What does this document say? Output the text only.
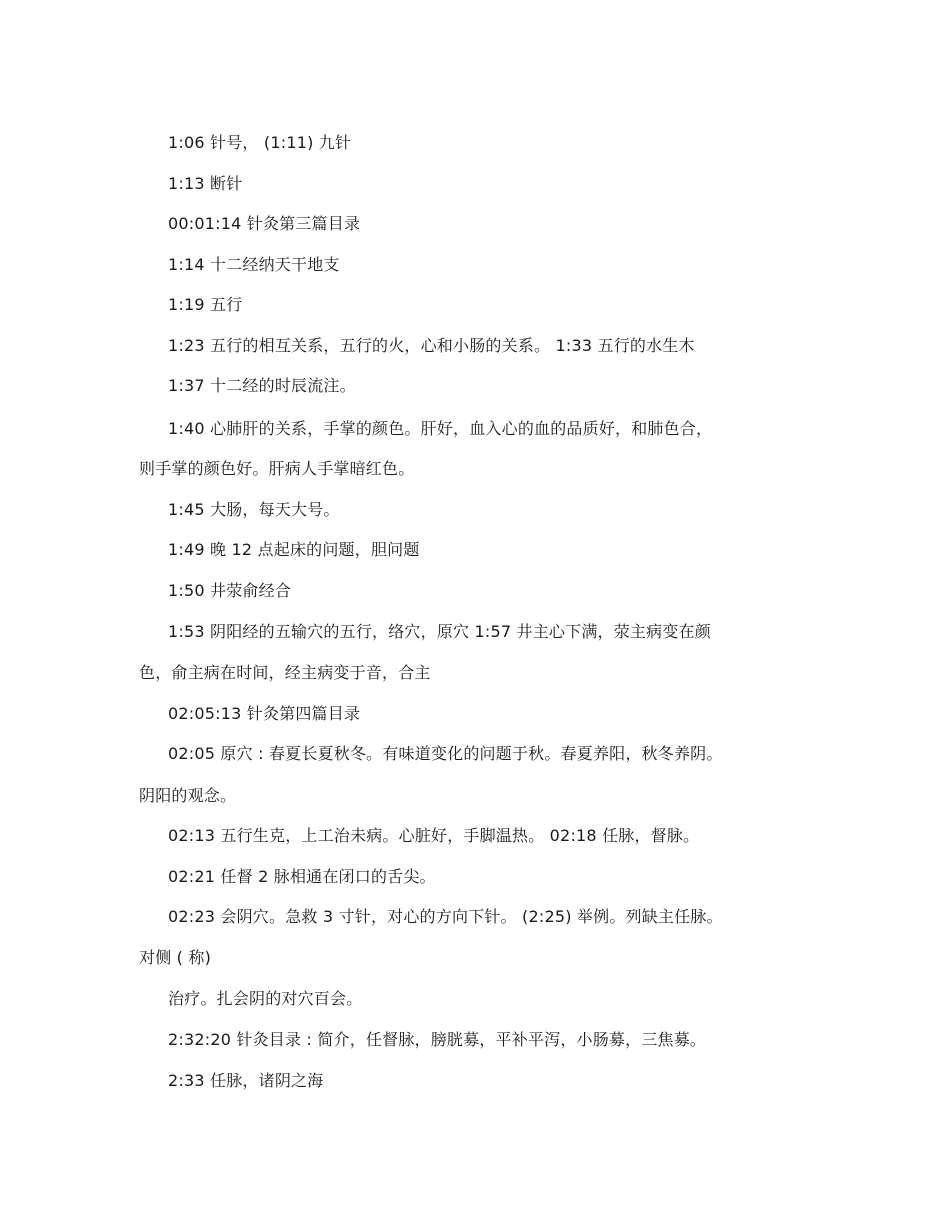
1:06 针号， (1:11) 九针
1:13 断针
00:01:14 针灸第三篇目录
1:14 十二经纳天干地支
1:19 五行
1:23 五行的相互关系，五行的火，心和小肠的关系。 1:33 五行的水生木
1:37 十二经的时辰流注。
1:40 心肺肝的关系，手掌的颜色。肝好，血入心的血的品质好，和肺色合，
则手掌的颜色好。肝病人手掌暗红色。
1:45 大肠，每天大号。
1:49 晚 12 点起床的问题，胆问题
1:50 井荥俞经合
1:53 阴阳经的五输穴的五行，络穴，原穴 1:57 井主心下满，荥主病变在颜
色，俞主病在时间，经主病变于音，合主
02:05:13 针灸第四篇目录
02:05 原穴 : 春夏长夏秋冬。有味道变化的问题于秋。春夏养阳，秋冬养阴。
阴阳的观念。
02:13 五行生克，上工治未病。心脏好，手脚温热。 02:18 任脉，督脉。
02:21 任督 2 脉相通在闭口的舌尖。
02:23 会阴穴。急救 3 寸针，对心的方向下针。 (2:25) 举例。列缺主任脉。
对侧 ( 称)
治疗。扎会阴的对穴百会。
2:32:20 针灸目录 : 简介，任督脉，膀胱募，平补平泻，小肠募，三焦募。
2:33 任脉，诸阴之海
